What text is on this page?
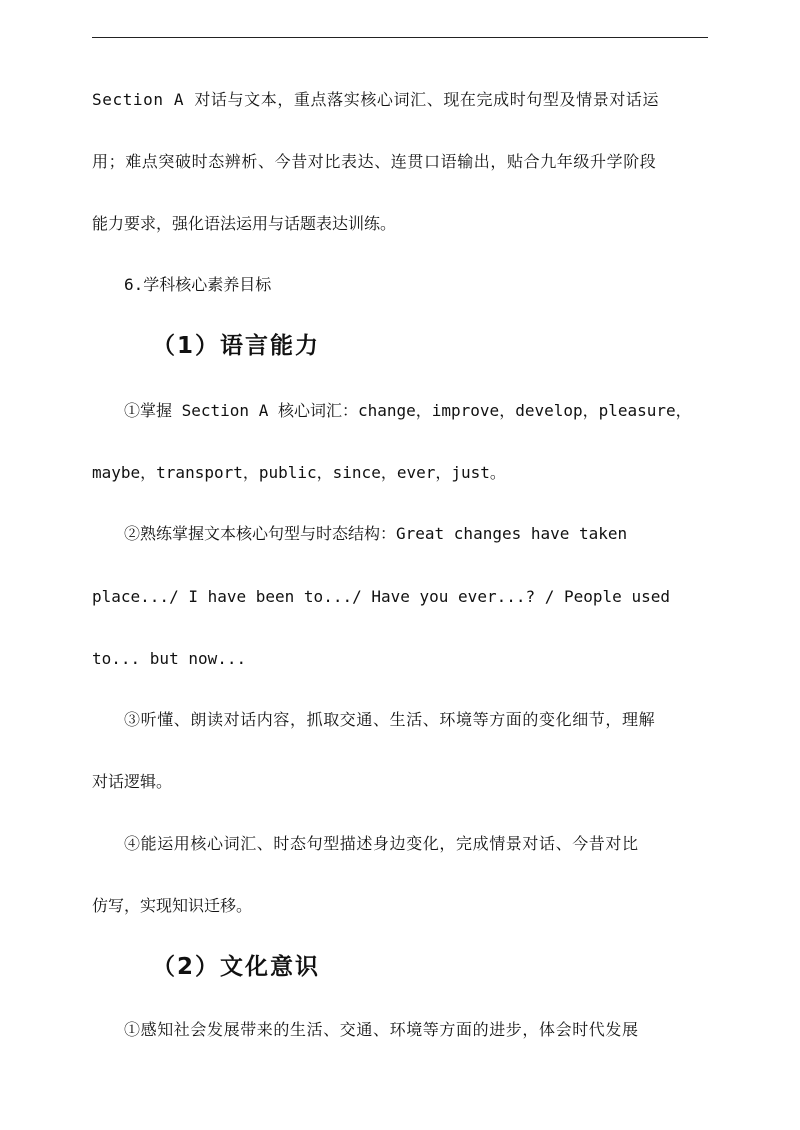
Section A 对话与文本，重点落实核心词汇、现在完成时句型及情景对话运
用；难点突破时态辨析、今昔对比表达、连贯口语输出，贴合九年级升学阶段
能力要求，强化语法运用与话题表达训练。
6.学科核心素养目标
（1）语言能力
①掌握 Section A 核心词汇：change，improve，develop，pleasure，
maybe，transport，public，since，ever，just。
②熟练掌握文本核心句型与时态结构：Great changes have taken
place.../ I have been to.../ Have you ever...? / People used
to... but now...
③听懂、朗读对话内容，抓取交通、生活、环境等方面的变化细节，理解
对话逻辑。
④能运用核心词汇、时态句型描述身边变化，完成情景对话、今昔对比
仿写，实现知识迁移。
（2）文化意识
①感知社会发展带来的生活、交通、环境等方面的进步，体会时代发展
